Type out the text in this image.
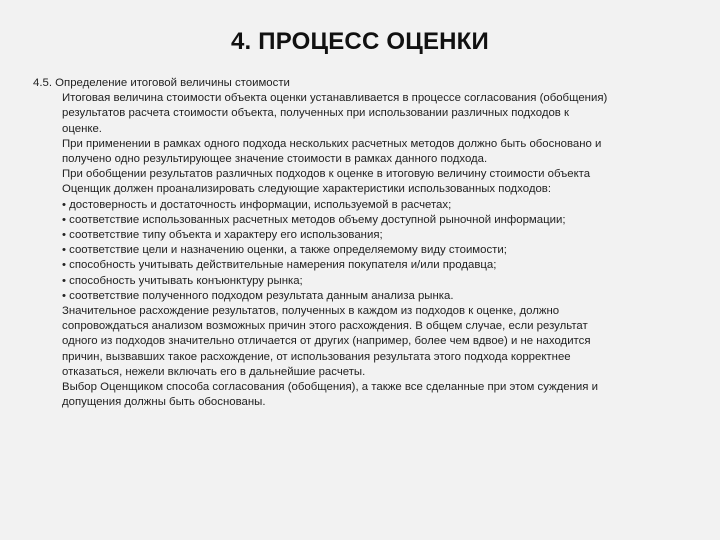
4. ПРОЦЕСС ОЦЕНКИ
4.5. Определение итоговой величины стоимости
Итоговая величина стоимости объекта оценки устанавливается в процессе согласования (обобщения)
результатов расчета стоимости объекта, полученных при использовании различных подходов к
оценке.
При применении в рамках одного подхода нескольких расчетных методов должно быть обосновано и
получено одно результирующее значение стоимости в рамках данного подхода.
При обобщении результатов различных подходов к оценке в итоговую величину стоимости объекта
Оценщик должен проанализировать следующие характеристики использованных подходов:
• достоверность и достаточность информации, используемой в расчетах;
• соответствие использованных расчетных методов объему доступной рыночной информации;
• соответствие типу объекта и характеру его использования;
• соответствие цели и назначению оценки, а также определяемому виду стоимости;
• способность учитывать действительные намерения покупателя и/или продавца;
• способность учитывать конъюнктуру рынка;
• соответствие полученного подходом результата данным анализа рынка.
Значительное расхождение результатов, полученных в каждом из подходов к оценке, должно
сопровождаться анализом возможных причин этого расхождения. В общем случае, если результат
одного из подходов значительно отличается от других (например, более чем вдвое) и не находится
причин, вызвавших такое расхождение, от использования результата этого подхода корректнее
отказаться, нежели включать его в дальнейшие расчеты.
Выбор Оценщиком способа согласования (обобщения), а также все сделанные при этом суждения и
допущения должны быть обоснованы.
